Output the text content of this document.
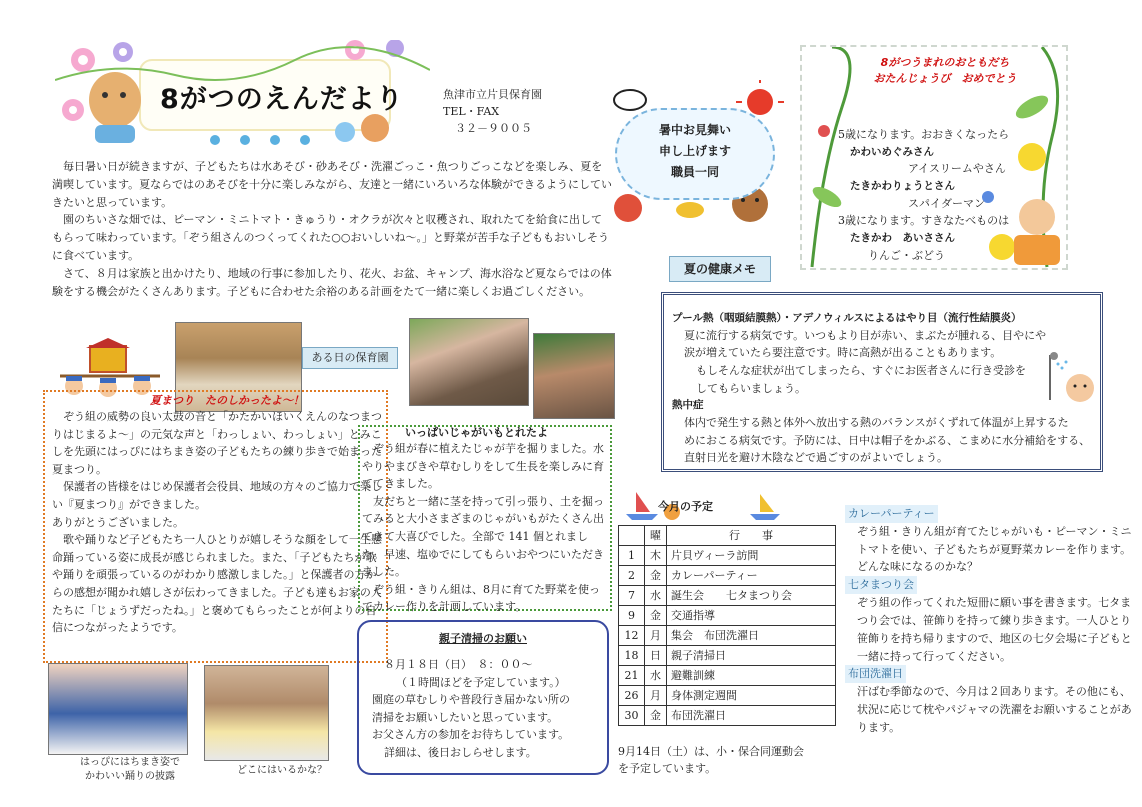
8がつのえんだより	魚津市立片貝保育園
TEL・FAX
３２－９００５

毎日暑い日が続きますが、子どもたちは水あそび・砂あそび・洗濯ごっこ・魚つりごっこなどを楽しみ、夏を満喫しています。夏ならではのあそびを十分に楽しみながら、友達と一緒にいろいろな体験ができるようにしていきたいと思っています。

園のちいさな畑では、ピーマン・ミニトマト・きゅうり・オクラが次々と収穫され、取れたてを給食に出してもらって味わっています。「ぞう組さんのつくってくれた○○おいしいね～。」と野菜が苦手な子どももおいしそうに食べています。

さて、８月は家族と出かけたり、地域の行事に参加したり、花火、お盆、キャンプ、海水浴など夏ならではの体験をする機会がたくさんあります。子どもに合わせた余裕のある計画をたて一緒に楽しくお過ごしください。

暑中お見舞い
申し上げます
職員一同
8がつうまれのおともだち
おたんじょうび　おめでとう
5歳になります。おおきくなったら
かわいめぐみさん
アイスリームやさん
たきかわりょうとさん
スパイダーマン
3歳になります。すきなたべものは
たきかわ　あいささん
りんご・ぶどう
夏の健康メモ
プール熱（咽頭結膜熱）・アデノウィルスによるはやり目（流行性結膜炎）
夏に流行する病気です。いつもより目が赤い、まぶたが腫れる、目やにや
涙が増えていたら要注意です。時に高熱が出ることもあります。
もしそんな症状が出てしまったら、すぐにお医者さんに行き受診を
してもらいましょう。
熱中症
体内で発生する熱と体外へ放出する熱のバランスがくずれて体温が上昇するた
めにおこる病気です。予防には、日中は帽子をかぶる、こまめに水分補給をする、
直射日光を避け木陰などで過ごすのがよいでしょう。
ある日の保育園
夏まつり　たのしかったよ～！

ぞう組の威勢の良い太鼓の音と「かたかいほいくえんのなつまつりはじまるよ～」の元気な声と「わっしょい、わっしょい」とみこしを先頭にはっぴにはちまき姿の子どもたちの練り歩きで始まった夏まつり。

保護者の皆様をはじめ保護者会役員、地域の方々のご協力で楽しい『夏まつり』ができました。

ありがとうございました。

歌や踊りなど子どもたち一人ひとりが嬉しそうな顔をして一生懸命踊っている姿に成長が感じられました。また、「子どもたちが歌や踊りを頑張っているのがわかり感激しました。」と保護者の方からの感想が聞かれ嬉しさが伝わってきました。子ども達もお家の人たちに「じょうずだったね。」と褒めてもらったことが何よりの自信につながったようです。

いっぱいじゃがいもとれたよ

ぞう組が春に植えたじゃが芋を掘りました。水やりやまびきや草むしりをして生長を楽しみに育ててきました。

友だちと一緒に茎を持って引っ張り、土を掘ってみると大小さまざまのじゃがいもがたくさん出てきて大喜びでした。全部で 141 個とれました。早速、塩ゆでにしてもらいおやつにいただきました。

ぞう組・きりん組は、8月に育てた野菜を使ってカレー作りを計画しています。

親子清掃のお願い
８月１８日（日）　８：００～
（１時間ほどを予定しています。）
園庭の草むしりや普段行き届かない所の
清掃をお願いしたいと思っています。
お父さん方の参加をお待ちしています。
詳細は、後日おしらせします。
今月の予定
	曜	行　　事
1	木	片貝ヴィーラ訪問
2	金	カレーパーティー
7	水	誕生会　　七タまつり会
9	金	交通指導
12	月	集会　布団洗濯日
18	日	親子清掃日
21	水	避難訓練
26	月	身体測定週間
30	金	布団洗濯日
9月14日（土）は、小・保合同運動会
を予定しています。
カレーパーティー
ぞう組・きりん組が育てたじゃがいも・ピーマン・ミニトマトを使い、子どもたちが夏野菜カレーを作ります。どんな味になるのかな？
七タまつり会
ぞう組の作ってくれた短冊に願い事を書きます。七タまつり会では、笹飾りを持って練り歩きます。一人ひとり笹飾りを持ち帰りますので、地区の七夕会場に子どもと一緒に持って行ってください。
布団洗濯日
汗ばむ季節なので、今月は２回あります。その他にも、状況に応じて枕やパジャマの洗濯をお願いすることがあります。
はっぴにはちまき姿で
かわいい踊りの披露
どこにはいるかな？
